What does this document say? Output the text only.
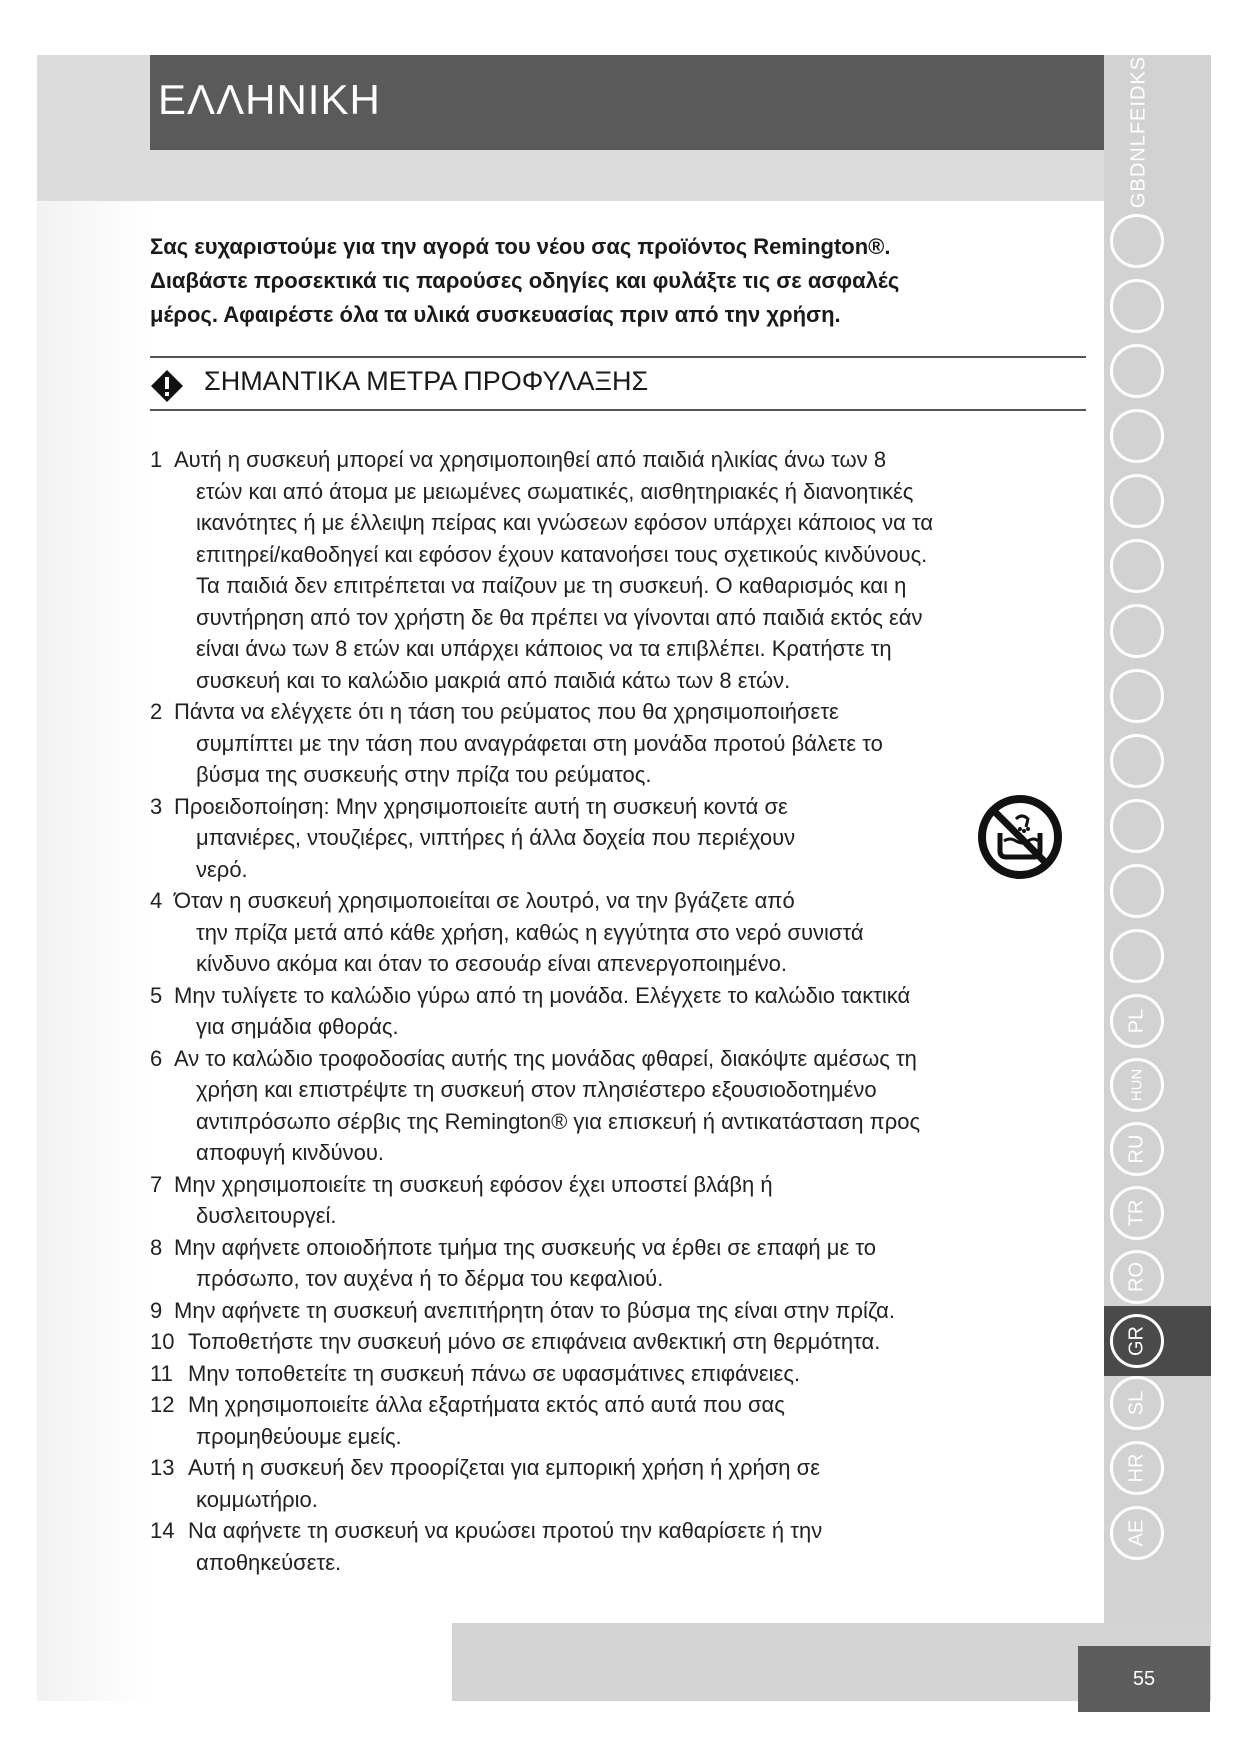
ΕΛΛΗΝΙΚΗ	GBDNLFEIDKS
AE
HR
SL
GR
RO
TR
RU
HUN
PL
Σας ευχαριστούμε για την αγορά του νέου σας προϊόντος Remington®.
Διαβάστε προσεκτικά τις παρούσες οδηγίες και φυλάξτε τις σε ασφαλές
μέρος. Αφαιρέστε όλα τα υλικά συσκευασίας πριν από την χρήση.
ΣΗΜΑΝΤΙΚΑ ΜΕΤΡΑ ΠΡΟΦΥΛΑΞΗΣ
1 Αυτή η συσκευή μπορεί να χρησιμοποιηθεί από παιδιά ηλικίας άνω των 8
ετών και από άτομα με μειωμένες σωματικές, αισθητηριακές ή διανοητικές
ικανότητες ή με έλλειψη πείρας και γνώσεων εφόσον υπάρχει κάποιος να τα
επιτηρεί/καθοδηγεί και εφόσον έχουν κατανοήσει τους σχετικούς κινδύνους.
Τα παιδιά δεν επιτρέπεται να παίζουν με τη συσκευή. Ο καθαρισμός και η
συντήρηση από τον χρήστη δε θα πρέπει να γίνονται από παιδιά εκτός εάν
είναι άνω των 8 ετών και υπάρχει κάποιος να τα επιβλέπει. Κρατήστε τη
συσκευή και το καλώδιο μακριά από παιδιά κάτω των 8 ετών.
2 Πάντα να ελέγχετε ότι η τάση του ρεύματος που θα χρησιμοποιήσετε
συμπίπτει με την τάση που αναγράφεται στη μονάδα προτού βάλετε το
βύσμα της συσκευής στην πρίζα του ρεύματος.
3 Προειδοποίηση: Μην χρησιμοποιείτε αυτή τη συσκευή κοντά σε
μπανιέρες, ντουζιέρες, νιπτήρες ή άλλα δοχεία που περιέχουν
νερό.
4 Όταν η συσκευή χρησιμοποιείται σε λουτρό, να την βγάζετε από
την πρίζα μετά από κάθε χρήση, καθώς η εγγύτητα στο νερό συνιστά
κίνδυνο ακόμα και όταν το σεσουάρ είναι απενεργοποιημένο.
5 Μην τυλίγετε το καλώδιο γύρω από τη μονάδα. Ελέγχετε το καλώδιο τακτικά
για σημάδια φθοράς.
6 Αν το καλώδιο τροφοδοσίας αυτής της μονάδας φθαρεί, διακόψτε αμέσως τη
χρήση και επιστρέψτε τη συσκευή στον πλησιέστερο εξουσιοδοτημένο
αντιπρόσωπο σέρβις της Remington® για επισκευή ή αντικατάσταση προς
αποφυγή κινδύνου.
7 Μην χρησιμοποιείτε τη συσκευή εφόσον έχει υποστεί βλάβη ή
δυσλειτουργεί.
8 Μην αφήνετε οποιοδήποτε τμήμα της συσκευής να έρθει σε επαφή με το
πρόσωπο, τον αυχένα ή το δέρμα του κεφαλιού.
9 Μην αφήνετε τη συσκευή ανεπιτήρητη όταν το βύσμα της είναι στην πρίζα.
10 Τοποθετήστε την συσκευή μόνο σε επιφάνεια ανθεκτική στη θερμότητα.
11 Μην τοποθετείτε τη συσκευή πάνω σε υφασμάτινες επιφάνειες.
12 Μη χρησιμοποιείτε άλλα εξαρτήματα εκτός από αυτά που σας
προμηθεύουμε εμείς.
13 Αυτή η συσκευή δεν προορίζεται για εμπορική χρήση ή χρήση σε
κομμωτήριο.
14 Να αφήνετε τη συσκευή να κρυώσει προτού την καθαρίσετε ή την
αποθηκεύσετε.
55
